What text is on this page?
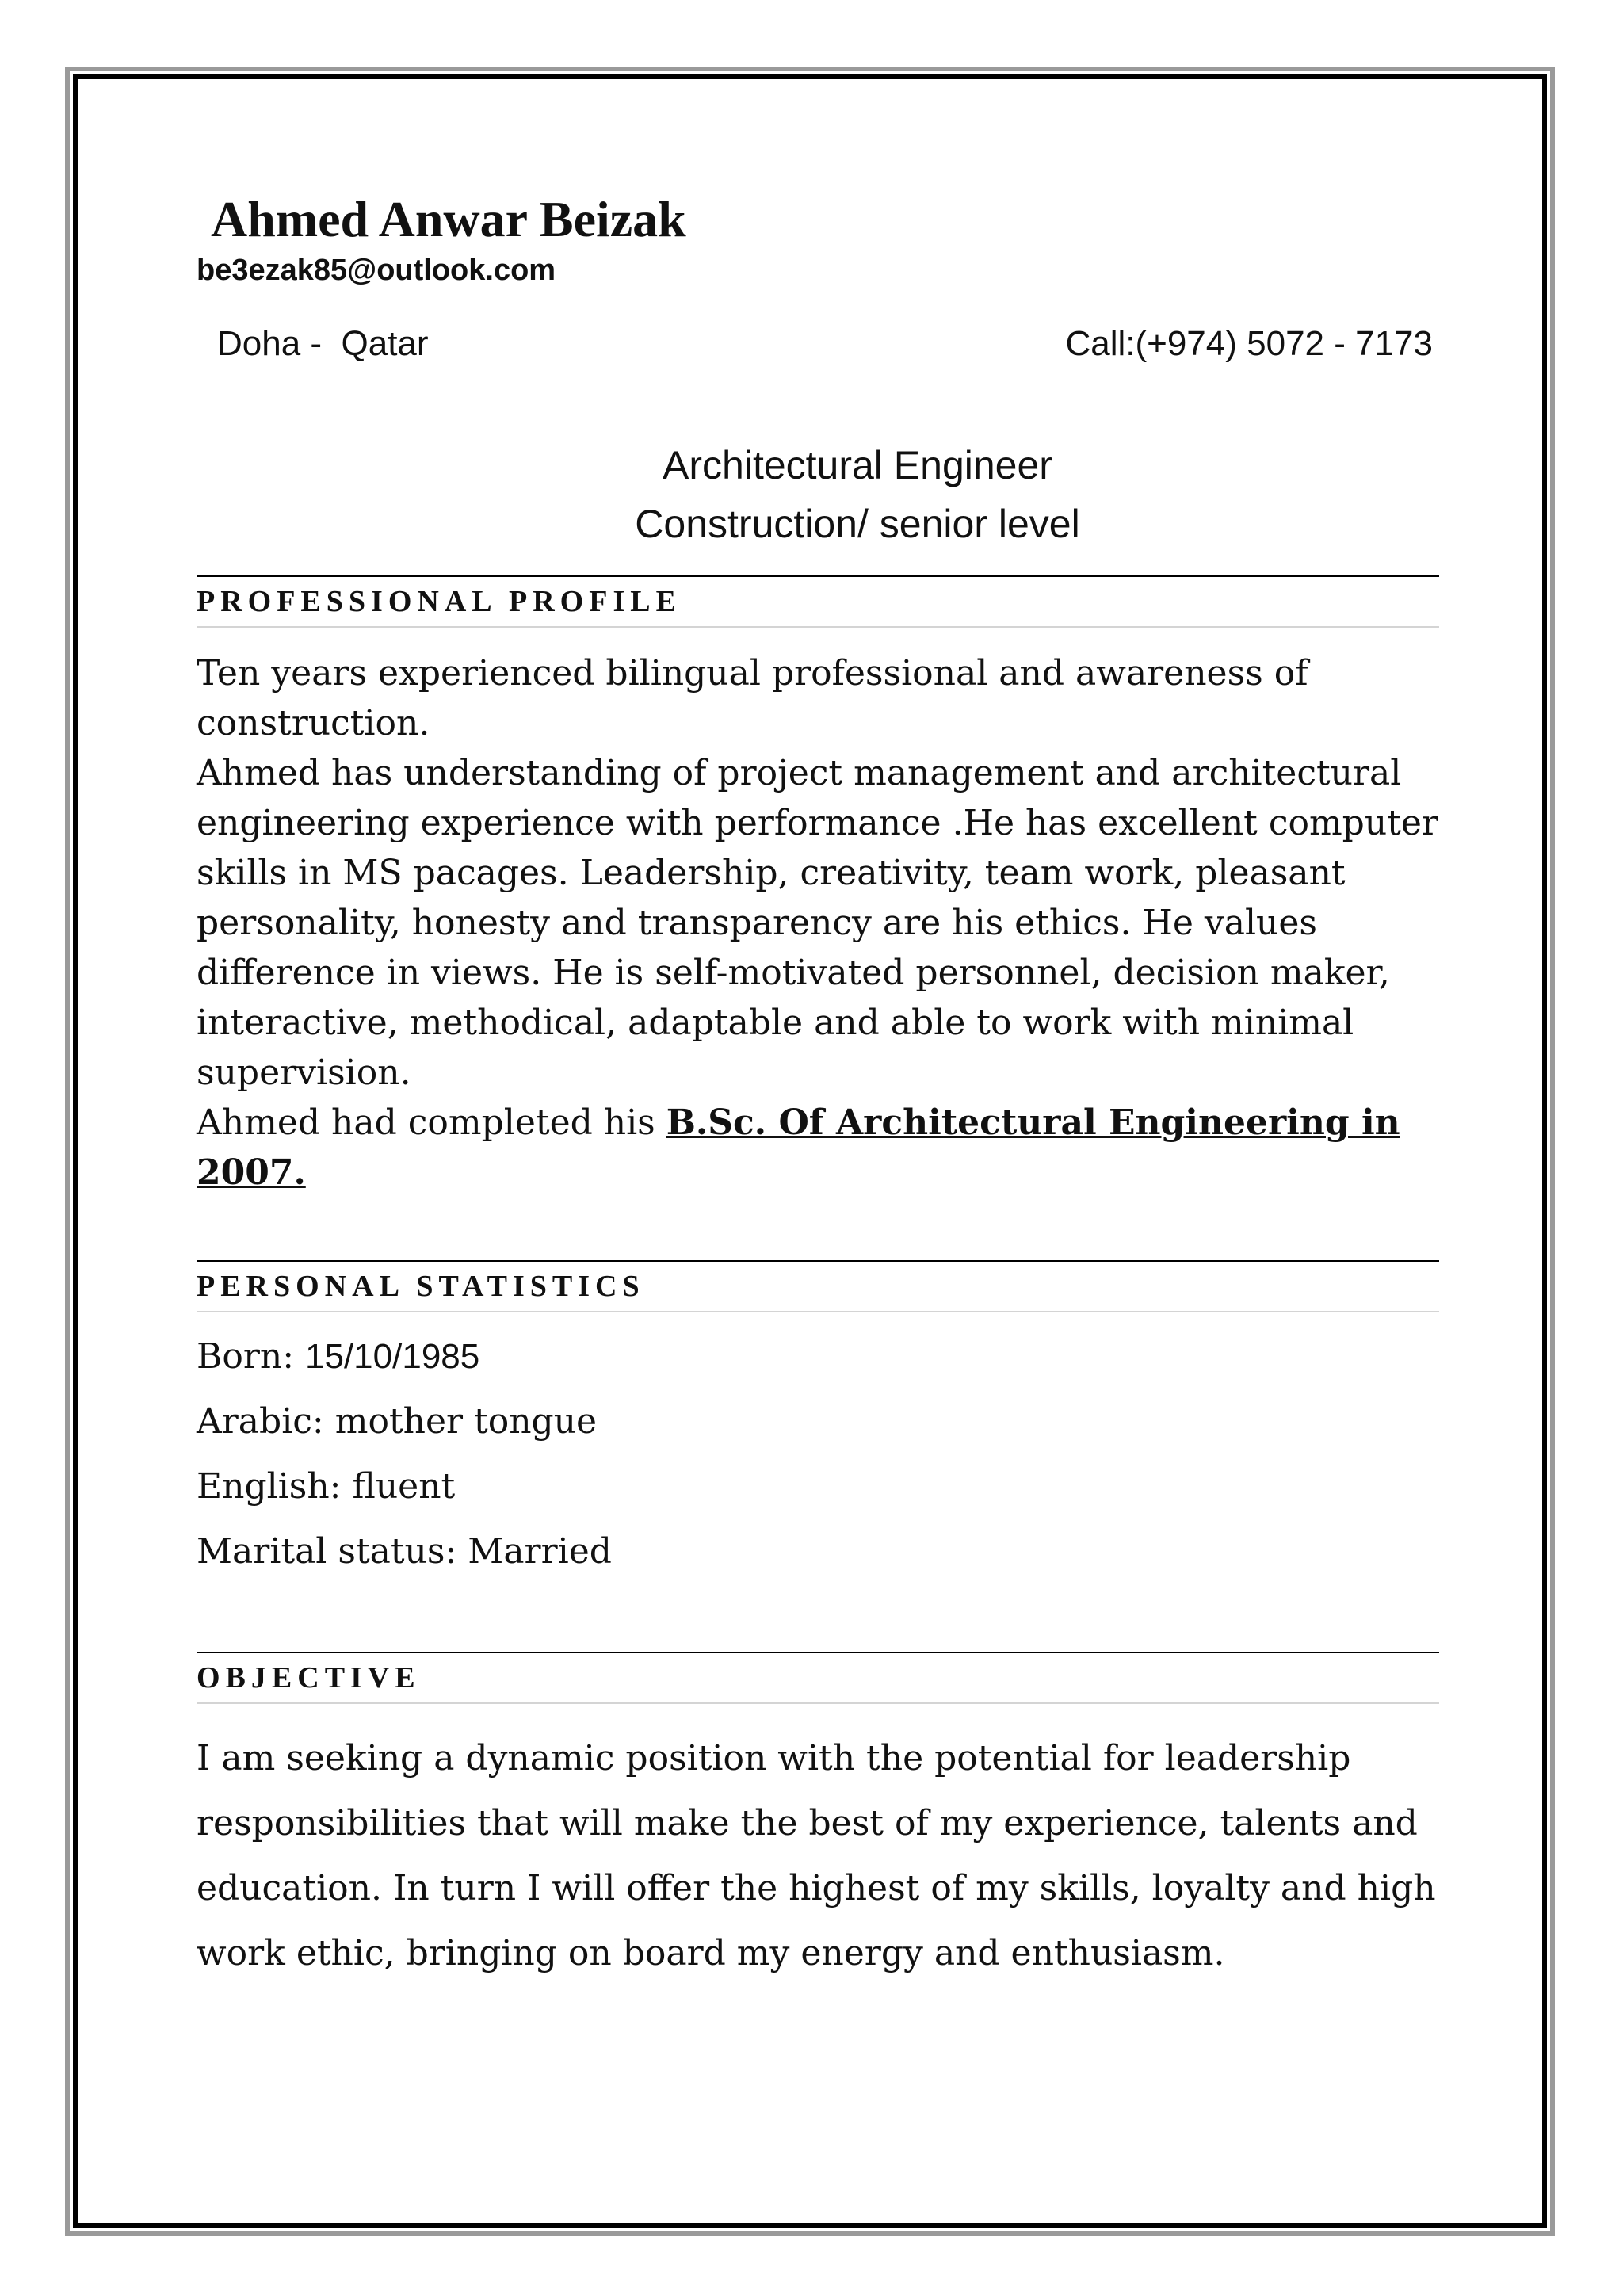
Ahmed Anwar Beizak
be3ezak85@outlook.com
Doha -  Qatar	Call:(+974) 5072 - 7173
Architectural Engineer
Construction/ senior level
PROFESSIONAL PROFILE

Ten years experienced bilingual professional and awareness of construction.

Ahmed has understanding of project management and architectural engineering experience with performance .He has excellent computer skills in MS pacages. Leadership, creativity, team work, pleasant personality, honesty and transparency are his ethics. He values difference in views. He is self-motivated personnel, decision maker, interactive, methodical, adaptable and able to work with minimal supervision.

Ahmed had completed his B.Sc. Of Architectural Engineering in 2007.

PERSONAL STATISTICS
Born: 15/10/1985
Arabic: mother tongue
English: fluent
Marital status: Married
OBJECTIVE

I am seeking a dynamic position with the potential for leadership responsibilities that will make the best of my experience, talents and education. In turn I will offer the highest of my skills, loyalty and high work ethic, bringing on board my energy and enthusiasm.
